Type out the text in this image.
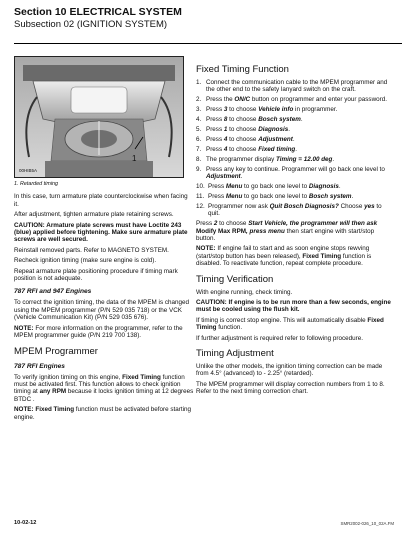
Section 10 ELECTRICAL SYSTEM
Subsection 02 (IGNITION SYSTEM)
1
00HIB5A
1. Retarded timing

In this case, turn armature plate counterclockwise when facing it.

After adjustment, tighten armature plate retaining screws.

CAUTION: Armature plate screws must have Loctite 243 (blue) applied before tightening. Make sure armature plate screws are well secured.

Reinstall removed parts. Refer to MAGNETO SYSTEM.

Recheck ignition timing (make sure engine is cold).

Repeat armature plate positioning procedure if timing mark position is not adequate.

787 RFI and 947 Engines

To correct the ignition timing, the data of the MPEM is changed using the MPEM programmer (P/N 529 035 718) or the VCK (Vehicle Communication Kit) (P/N 529 035 676).

NOTE: For more information on the programmer, refer to the MPEM programmer guide (P/N 219 700 138).

MPEM Programmer
787 RFI Engines

To verify ignition timing on this engine, Fixed Timing function must be activated first. This function allows to check ignition timing at any RPM because it locks ignition timing at 12 degrees BTDC .

NOTE: Fixed Timing function must be activated before starting engine.

Fixed Timing Function
1. Connect the communication cable to the MPEM programmer and the other end to the safety lanyard switch on the craft.
2. Press the ON/C button on programmer and enter your password.
3. Press 3 to choose Vehicle info in programmer.
4. Press 8 to choose Bosch system.
5. Press 1 to choose Diagnosis.
6. Press 4 to choose Adjustment.
7. Press 4 to choose Fixed timing.
8. The programmer display Timing = 12.00 deg.
9. Press any key to continue. Programmer will go back one level to Adjustment.
10. Press Menu to go back one level to Diagnosis.
11. Press Menu to go back one level to Bosch system.
12. Programmer now ask Quit Bosch Diagnosis? Choose yes to quit.

Press 2 to choose Start Vehicle, the programmer will then ask Modify Max RPM, press menu then start engine with start/stop button.

NOTE: If engine fail to start and as soon engine stops rewving (start/stop button has been released), Fixed Timing function is disabled. To reactivate function, repeat complete procedure.

Timing Verification

With engine running, check timing.

CAUTION: If engine is to be run more than a few seconds, engine must be cooled using the flush kit.

If timing is correct stop engine. This will automatically disable Fixed Timing function.

If further adjustment is required refer to following procedure.

Timing Adjustment

Unlike the other models, the ignition timing correction can be made from 4.5° (advanced) to - 2.25° (retarded).

The MPEM programmer will display correction numbers from 1 to 8. Refer to the next timing correction chart.

10-02-12	SMR2002-026_10_02A.FM
